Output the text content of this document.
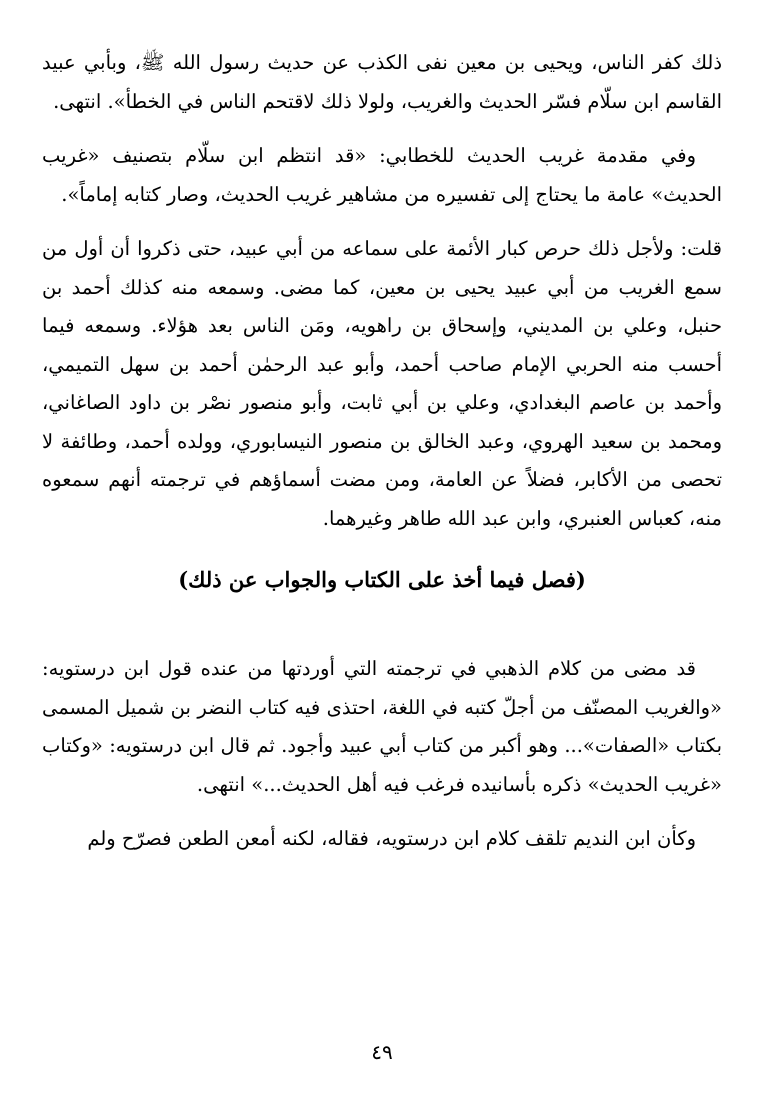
ذلك كفر الناس، ويحيى بن معين نفى الكذب عن حديث رسول الله ﷺ، وبأبي عبيد القاسم ابن سلّام فسّر الحديث والغريب، ولولا ذلك لاقتحم الناس في الخطأ». انتهى.

وفي مقدمة غريب الحديث للخطابي: «قد انتظم ابن سلّام بتصنيف «غريب الحديث» عامة ما يحتاج إلى تفسيره من مشاهير غريب الحديث، وصار كتابه إماماً».

قلت: ولأجل ذلك حرص كبار الأئمة على سماعه من أبي عبيد، حتى ذكروا أن أول من سمع الغريب من أبي عبيد يحيى بن معين، كما مضى. وسمعه منه كذلك أحمد بن حنبل، وعلي بن المديني، وإسحاق بن راهويه، ومَن الناس بعد هؤلاء. وسمعه فيما أحسب منه الحربي الإمام صاحب أحمد، وأبو عبد الرحمٰن أحمد بن سهل التميمي، وأحمد بن عاصم البغدادي، وعلي بن أبي ثابت، وأبو منصور نصْر بن داود الصاغاني، ومحمد بن سعيد الهروي، وعبد الخالق بن منصور النيسابوري، وولده أحمد، وطائفة لا تحصى من الأكابر، فضلاً عن العامة، ومن مضت أسماؤهم في ترجمته أنهم سمعوه منه، كعباس العنبري، وابن عبد الله طاهر وغيرهما.

(فصل فيما أخذ على الكتاب والجواب عن ذلك)

قد مضى من كلام الذهبي في ترجمته التي أوردتها من عنده قول ابن درستويه: «والغريب المصنّف من أجلّ كتبه في اللغة، احتذى فيه كتاب النضر بن شميل المسمى بكتاب «الصفات»... وهو أكبر من كتاب أبي عبيد وأجود. ثم قال ابن درستويه: «وكتاب «غريب الحديث» ذكره بأسانيده فرغب فيه أهل الحديث...» انتهى.

وكأن ابن النديم تلقف كلام ابن درستويه، فقاله، لكنه أمعن الطعن فصرّح ولم

٤٩
